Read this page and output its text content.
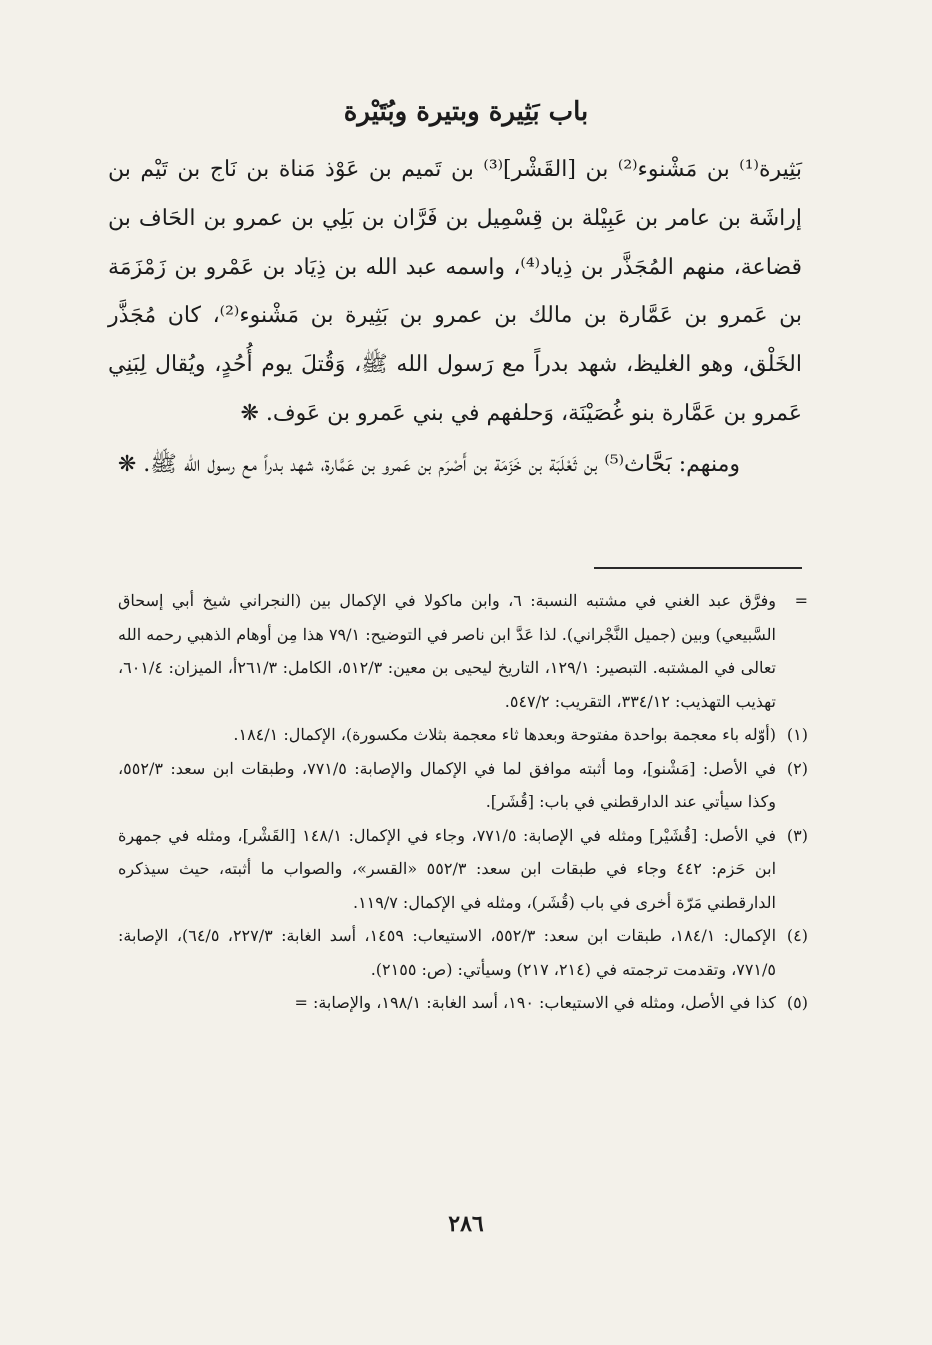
باب بَثِيرة وبتيرة وبُتَيْرة

بَثِيرة⁽¹⁾ بن مَشْنوء⁽²⁾ بن [القَشْر]⁽³⁾ بن تَميم بن عَوْذ مَناة بن نَاج بن تَيْم بن إراشَة بن عامر بن عَبِيْلة بن قِسْمِيل بن فَرَّان بن بَلِي بن عمرو بن الحَاف بن قضاعة، منهم المُجَذَّر بن ذِياد⁽⁴⁾، واسمه عبد الله بن ذِيَاد بن عَمْرو بن زَمْزَمَة بن عَمرو بن عَمَّارة بن مالك بن عمرو بن بَثِيرة بن مَشْنوء⁽²⁾، كان مُجَذَّر الخَلْق، وهو الغليظ، شهد بدراً مع رَسول الله ﷺ، وَقُتلَ يوم أُحُدٍ، ويُقال لِبَنِي عَمرو بن عَمَّارة بنو غُصَيْنَة، وَحلفهم في بني عَمرو بن عَوف. ❋

ومنهم: بَحَّاث⁽⁵⁾ بن ثَعْلَبَة بن خَزَمَة بن أَصْرَم بن عَمرو بن عَمَّارة، شهد بدراً مع رسول الله ﷺ. ❋

=
وفرَّق عبد الغني في مشتبه النسبة: ٦، وابن ماكولا في الإكمال بين (النجراني شيخ أبي إسحاق السَّبيعي) وبين (جميل النَّجْراني). لذا عَدَّ ابن ناصر في التوضيح: ٧٩/١ هذا مِن أوهام الذهبي رحمه الله تعالى في المشتبه. التبصير: ١٢٩/١، التاريخ ليحيى بن معين: ٥١٢/٣، الكامل: ٢٦١/٣أ، الميزان: ٦٠١/٤، تهذيب التهذيب: ٣٣٤/١٢، التقريب: ٥٤٧/٢.
(١)
(أوّله باء معجمة بواحدة مفتوحة وبعدها ثاء معجمة بثلاث مكسورة)، الإكمال: ١٨٤/١.
(٢)
في الأصل: [مَشْنو]، وما أثبته موافق لما في الإكمال والإصابة: ٧٧١/٥، وطبقات ابن سعد: ٥٥٢/٣، وكذا سيأتي عند الدارقطني في باب: [قُشَر].
(٣)
في الأصل: [قُشَيْر] ومثله في الإصابة: ٧٧١/٥، وجاء في الإكمال: ١٤٨/١ [القَشْر]، ومثله في جمهرة ابن حَزم: ٤٤٢ وجاء في طبقات ابن سعد: ٥٥٢/٣ «القسر»، والصواب ما أثبته، حيث سيذكره الدارقطني مَرّة أخرى في باب (قُشَر)، ومثله في الإكمال: ١١٩/٧.
(٤)
الإكمال: ١٨٤/١، طبقات ابن سعد: ٥٥٢/٣، الاستيعاب: ١٤٥٩، أسد الغابة: ٢٢٧/٣، ٦٤/٥)، الإصابة: ٧٧١/٥، وتقدمت ترجمته في (٢١٤، ٢١٧) وسيأتي: (ص: ٢١٥٥).
(٥)
كذا في الأصل، ومثله في الاستيعاب: ١٩٠، أسد الغابة: ١٩٨/١، والإصابة: =
٢٨٦
